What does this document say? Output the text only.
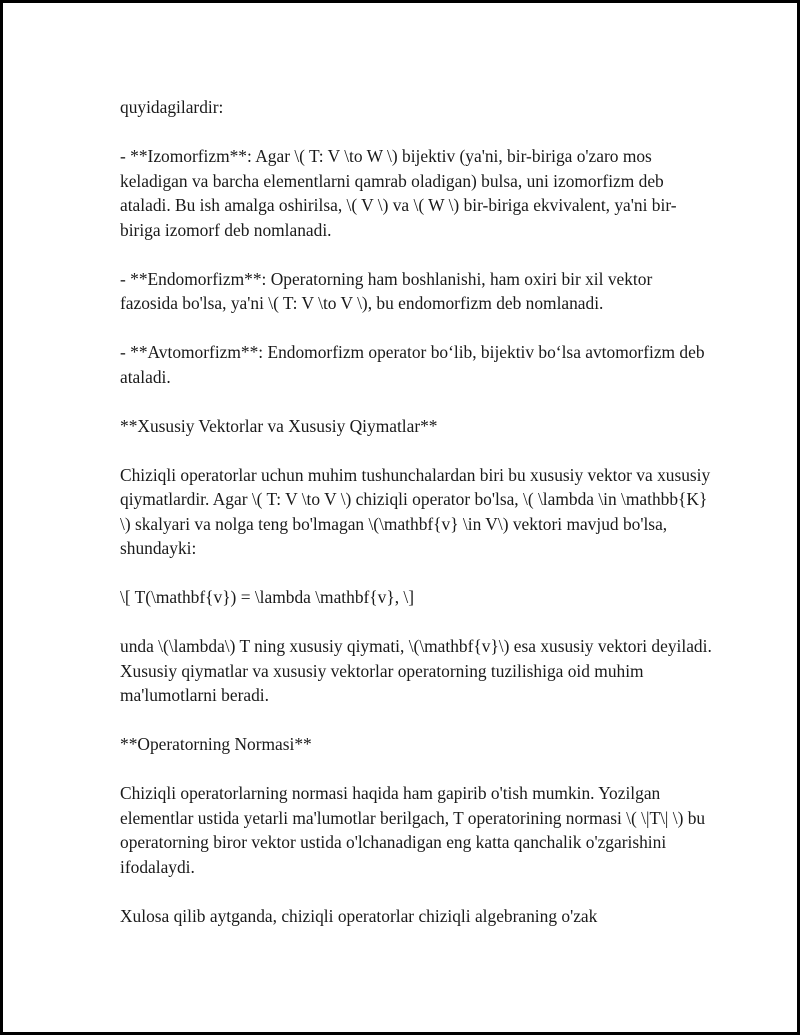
quyidagilardir:

- **Izomorfizm**: Agar \( T: V \to W \) bijektiv (ya'ni, bir-biriga o'zaro mos keladigan va barcha elementlarni qamrab oladigan) bulsa, uni izomorfizm deb ataladi. Bu ish amalga oshirilsa, \( V \) va \( W \) bir-biriga ekvivalent, ya'ni bir-biriga izomorf deb nomlanadi.

- **Endomorfizm**: Operatorning ham boshlanishi, ham oxiri bir xil vektor fazosida bo'lsa, ya'ni \( T: V \to V \), bu endomorfizm deb nomlanadi.

- **Avtomorfizm**: Endomorfizm operator bo‘lib, bijektiv bo‘lsa avtomorfizm deb ataladi.

**Xususiy Vektorlar va Xususiy Qiymatlar**

Chiziqli operatorlar uchun muhim tushunchalardan biri bu xususiy vektor va xususiy qiymatlardir. Agar \( T: V \to V \) chiziqli operator bo'lsa, \( \lambda \in \mathbb{K} \) skalyari va nolga teng bo'lmagan \(\mathbf{v} \in V\) vektori mavjud bo'lsa, shundayki:

\[ T(\mathbf{v}) = \lambda \mathbf{v}, \]

unda \(\lambda\) T ning xususiy qiymati, \(\mathbf{v}\) esa xususiy vektori deyiladi. Xususiy qiymatlar va xususiy vektorlar operatorning tuzilishiga oid muhim ma'lumotlarni beradi.

**Operatorning Normasi**

Chiziqli operatorlarning normasi haqida ham gapirib o'tish mumkin. Yozilgan elementlar ustida yetarli ma'lumotlar berilgach, T operatorining normasi \( \|T\| \) bu operatorning biror vektor ustida o'lchanadigan eng katta qanchalik o'zgarishini ifodalaydi.

Xulosa qilib aytganda, chiziqli operatorlar chiziqli algebraning o'zak
